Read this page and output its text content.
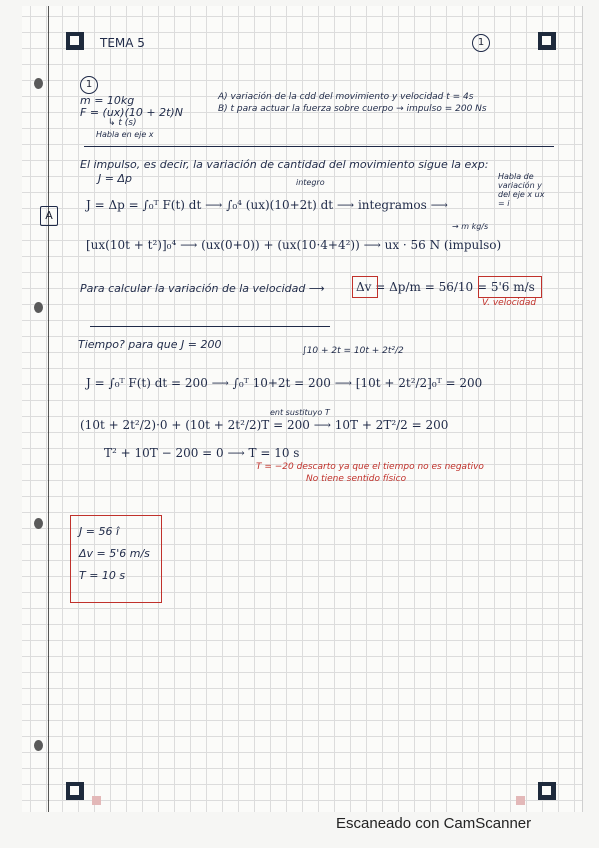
TEMA 5	1
1
m = 10kg
F = (ux)(10 + 2t)N
↳ t (s)
Habla en eje x
A) variación de la cdd del movimiento y velocidad t = 4s
B) t para actuar la fuerza sobre cuerpo → impulso = 200 Ns
A
El impulso, es decir, la variación de cantidad del movimiento sigue la exp:
J = Δp	integro
Habla de variación y del eje x ux = i
J = Δp = ∫₀ᵀ F(t) dt ⟶ ∫₀⁴ (ux)(10+2t) dt ⟶ integramos ⟶
→ m kg/s
[ux(10t + t²)]₀⁴ ⟶ (ux(0+0)) + (ux(10·4+4²)) ⟶ ux · 56 N (impulso)
Para calcular la variación de la velocidad ⟶	Δv = Δp/m = 56/10 = 5'6 m/s
V. velocidad
Tiempo? para que J = 200	∫10 + 2t = 10t + 2t²/2
J = ∫₀ᵀ F(t) dt = 200 ⟶ ∫₀ᵀ 10+2t = 200 ⟶ [10t + 2t²/2]₀ᵀ = 200
ent sustituyo T
(10t + 2t²/2)·0 + (10t + 2t²/2)T = 200 ⟶ 10T + 2T²/2 = 200
T² + 10T − 200 = 0 ⟶ T = 10 s
T = −20 descarto ya que el tiempo no es negativo
No tiene sentido físico
J = 56 î
Δv = 5'6 m/s
T = 10 s
Escaneado con CamScanner
